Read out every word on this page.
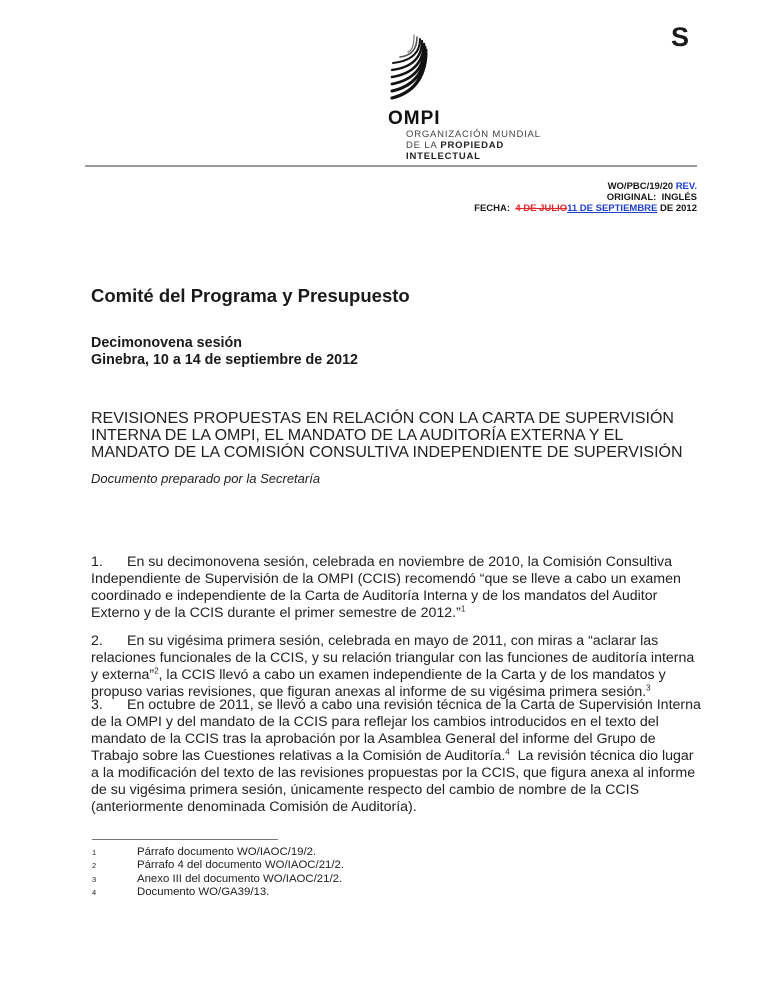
S
OMPI
ORGANIZACIÓN MUNDIAL
DE LA PROPIEDAD
INTELECTUAL
WO/PBC/19/20 REV.
ORIGINAL: INGLÉS
FECHA: 4 DE JULIO11 DE SEPTIEMBRE DE 2012
Comité del Programa y Presupuesto
Decimonovena sesión
Ginebra, 10 a 14 de septiembre de 2012
REVISIONES PROPUESTAS EN RELACIÓN CON LA CARTA DE SUPERVISIÓN INTERNA DE LA OMPI, EL MANDATO DE LA AUDITORÍA EXTERNA Y EL MANDATO DE LA COMISIÓN CONSULTIVA INDEPENDIENTE DE SUPERVISIÓN
Documento preparado por la Secretaría
1. En su decimonovena sesión, celebrada en noviembre de 2010, la Comisión Consultiva Independiente de Supervisión de la OMPI (CCIS) recomendó “que se lleve a cabo un examen coordinado e independiente de la Carta de Auditoría Interna y de los mandatos del Auditor Externo y de la CCIS durante el primer semestre de 2012.”$^1$
2. En su vigésima primera sesión, celebrada en mayo de 2011, con miras a “aclarar las relaciones funcionales de la CCIS, y su relación triangular con las funciones de auditoría interna y externa”$^2$, la CCIS llevó a cabo un examen independiente de la Carta y de los mandatos y propuso varias revisiones, que figuran anexas al informe de su vigésima primera sesión.$^3$
3. En octubre de 2011, se llevó a cabo una revisión técnica de la Carta de Supervisión Interna de la OMPI y del mandato de la CCIS para reflejar los cambios introducidos en el texto del mandato de la CCIS tras la aprobación por la Asamblea General del informe del Grupo de Trabajo sobre las Cuestiones relativas a la Comisión de Auditoría.$^4$  La revisión técnica dio lugar a la modificación del texto de las revisiones propuestas por la CCIS, que figura anexa al informe de su vigésima primera sesión, únicamente respecto del cambio de nombre de la CCIS (anteriormente denominada Comisión de Auditoría).
1	Párrafo documento WO/IAOC/19/2.
2	Párrafo 4 del documento WO/IAOC/21/2.
3	Anexo III del documento WO/IAOC/21/2.
4	Documento WO/GA39/13.
